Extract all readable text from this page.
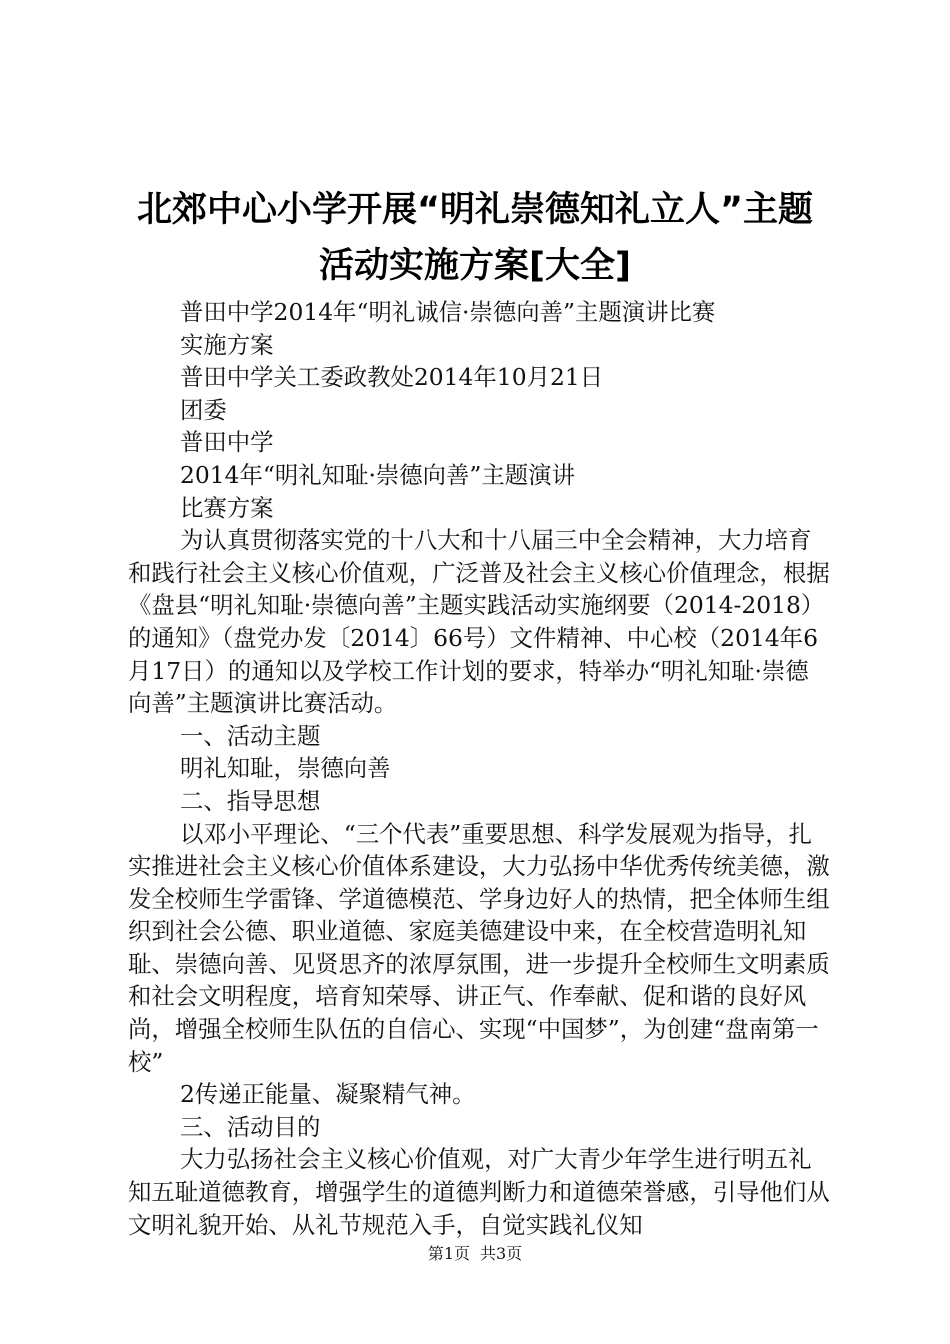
北郊中心小学开展“明礼崇德知礼立人”主题
活动实施方案[大全]

普田中学2014年“明礼诚信·崇德向善”主题演讲比赛

实施方案

普田中学关工委政教处2014年10月21日

团委

普田中学

2014年“明礼知耻·崇德向善”主题演讲

比赛方案

为认真贯彻落实党的十八大和十八届三中全会精神，大力培育和践行社会主义核心价值观，广泛普及社会主义核心价值理念，根据《盘县“明礼知耻·崇德向善”主题实践活动实施纲要（2014-2018）的通知》（盘党办发〔2014〕66号）文件精神、中心校（2014年6月17日）的通知以及学校工作计划的要求，特举办“明礼知耻·崇德向善”主题演讲比赛活动。

一、活动主题

明礼知耻，崇德向善

二、指导思想

以邓小平理论、“三个代表”重要思想、科学发展观为指导，扎实推进社会主义核心价值体系建设，大力弘扬中华优秀传统美德，激发全校师生学雷锋、学道德模范、学身边好人的热情，把全体师生组织到社会公德、职业道德、家庭美德建设中来，在全校营造明礼知耻、崇德向善、见贤思齐的浓厚氛围，进一步提升全校师生文明素质和社会文明程度，培育知荣辱、讲正气、作奉献、促和谐的良好风尚，增强全校师生队伍的自信心、实现“中国梦”，为创建“盘南第一校”

2传递正能量、凝聚精气神。

三、活动目的

大力弘扬社会主义核心价值观，对广大青少年学生进行明五礼知五耻道德教育，增强学生的道德判断力和道德荣誉感，引导他们从文明礼貌开始、从礼节规范入手，自觉实践礼仪知

第1页 共3页
